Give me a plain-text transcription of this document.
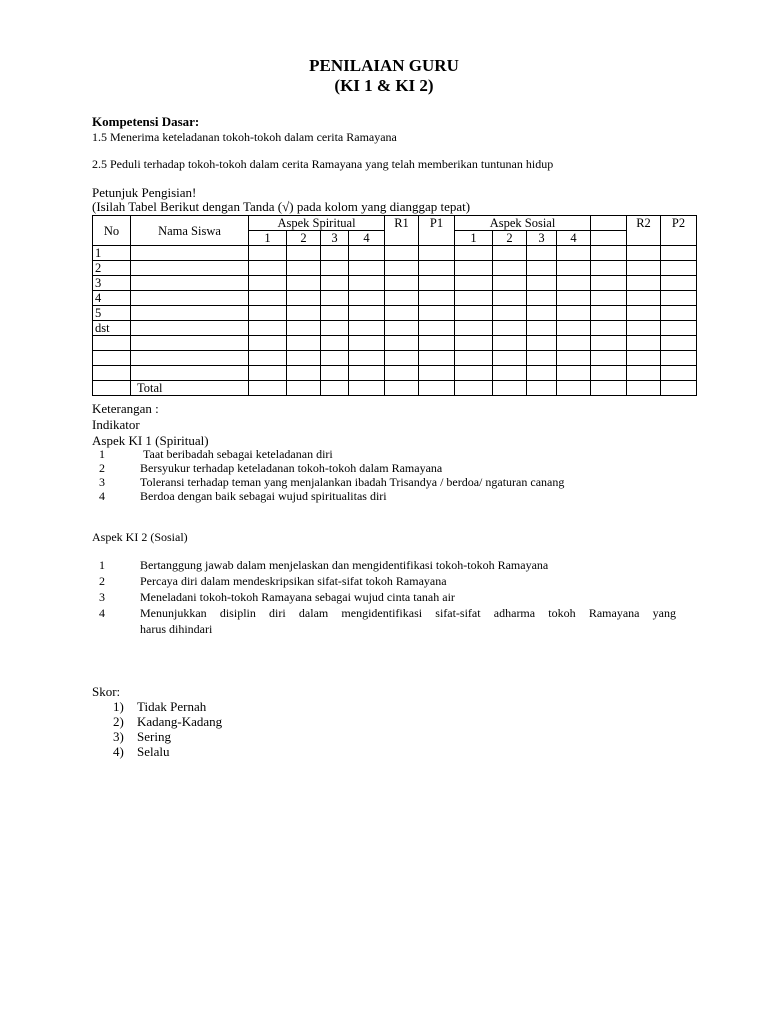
PENILAIAN GURU
(KI 1 & KI 2)
Kompetensi Dasar:
1.5 Menerima keteladanan tokoh-tokoh dalam cerita Ramayana
2.5 Peduli terhadap tokoh-tokoh dalam cerita Ramayana yang telah memberikan tuntunan hidup
Petunjuk Pengisian!
(Isilah Tabel Berikut dengan Tanda (√) pada kolom yang dianggap tepat)
No	Nama Siswa	Aspek Spiritual				R1	P1	Aspek Sosial					R2	P2
		1	2	3	4			1	2	3	4			
1														
2														
3														
4														
5														
dst														

	Total													
Keterangan :
Indikator
Aspek KI 1 (Spiritual)
1	Taat beribadah sebagai keteladanan diri
2	Bersyukur terhadap keteladanan tokoh-tokoh dalam Ramayana
3	Toleransi terhadap teman yang menjalankan ibadah Trisandya / berdoa/ ngaturan canang
4	Berdoa dengan baik sebagai wujud spiritualitas diri
Aspek KI 2 (Sosial)
1	Bertanggung jawab dalam menjelaskan dan mengidentifikasi tokoh-tokoh Ramayana
2	Percaya diri dalam mendeskripsikan sifat-sifat tokoh Ramayana
3	Meneladani tokoh-tokoh Ramayana sebagai wujud cinta tanah air
4	Menunjukkan disiplin diri dalam mengidentifikasi sifat-sifat adharma tokoh Ramayana yang
harus dihindari
Skor:
1) Tidak Pernah
2) Kadang-Kadang
3) Sering
4) Selalu
